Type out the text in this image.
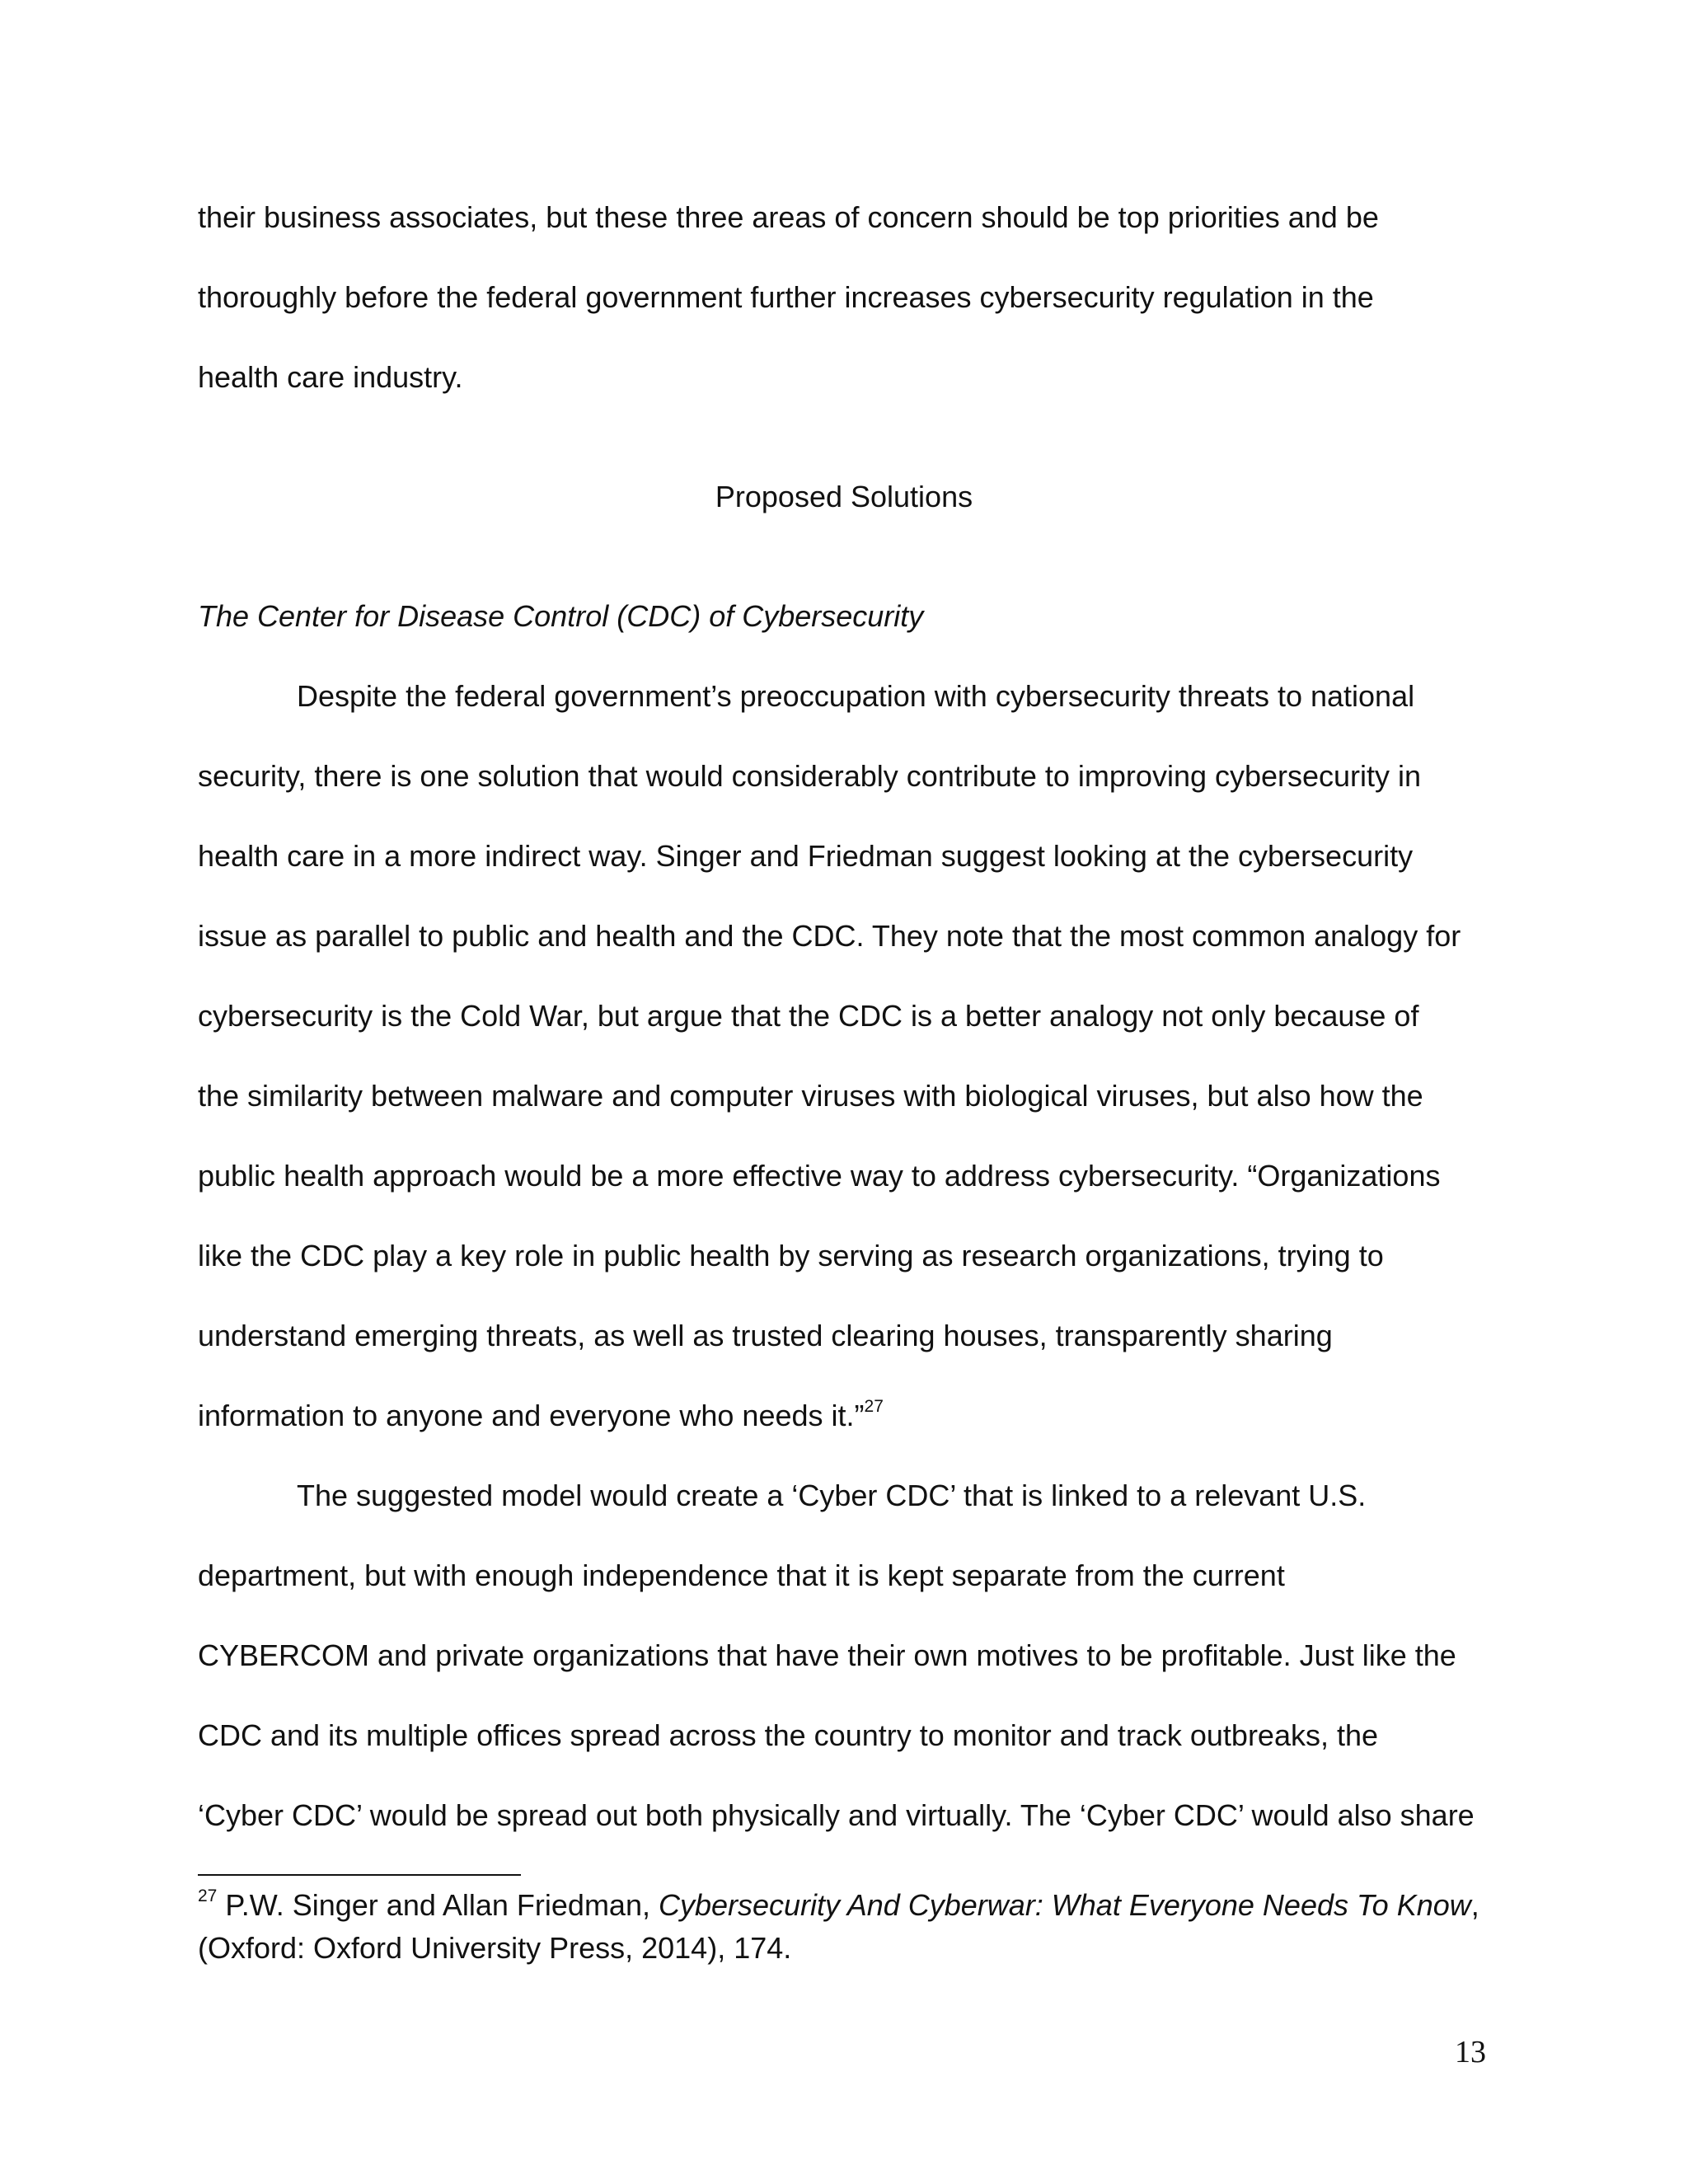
their business associates, but these three areas of concern should be top priorities and be
thoroughly before the federal government further increases cybersecurity regulation in the
health care industry.
Proposed Solutions
The Center for Disease Control (CDC) of Cybersecurity
Despite the federal government’s preoccupation with cybersecurity threats to national
security, there is one solution that would considerably contribute to improving cybersecurity in
health care in a more indirect way. Singer and Friedman suggest looking at the cybersecurity
issue as parallel to public and health and the CDC. They note that the most common analogy for
cybersecurity is the Cold War, but argue that the CDC is a better analogy not only because of
the similarity between malware and computer viruses with biological viruses, but also how the
public health approach would be a more effective way to address cybersecurity. “Organizations
like the CDC play a key role in public health by serving as research organizations, trying to
understand emerging threats, as well as trusted clearing houses, transparently sharing
information to anyone and everyone who needs it.”$^{27}$
The suggested model would create a ‘Cyber CDC’ that is linked to a relevant U.S.
department, but with enough independence that it is kept separate from the current
CYBERCOM and private organizations that have their own motives to be profitable. Just like the
CDC and its multiple offices spread across the country to monitor and track outbreaks, the
‘Cyber CDC’ would be spread out both physically and virtually. The ‘Cyber CDC’ would also share
$^{27}$ P.W. Singer and Allan Friedman, Cybersecurity And Cyberwar: What Everyone Needs To Know,
(Oxford: Oxford University Press, 2014), 174.
13
